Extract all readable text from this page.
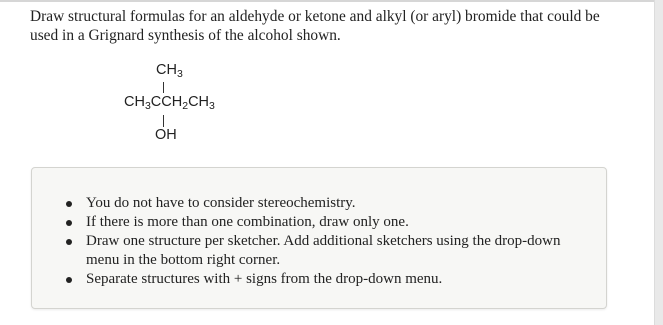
Draw structural formulas for an aldehyde or ketone and alkyl (or aryl) bromide that could be used in a Grignard synthesis of the alcohol shown.
$CH_3$
$CH_3CCH_2CH_3$
OH
You do not have to consider stereochemistry.
If there is more than one combination, draw only one.
Draw one structure per sketcher. Add additional sketchers using the drop-down menu in the bottom right corner.
Separate structures with + signs from the drop-down menu.
